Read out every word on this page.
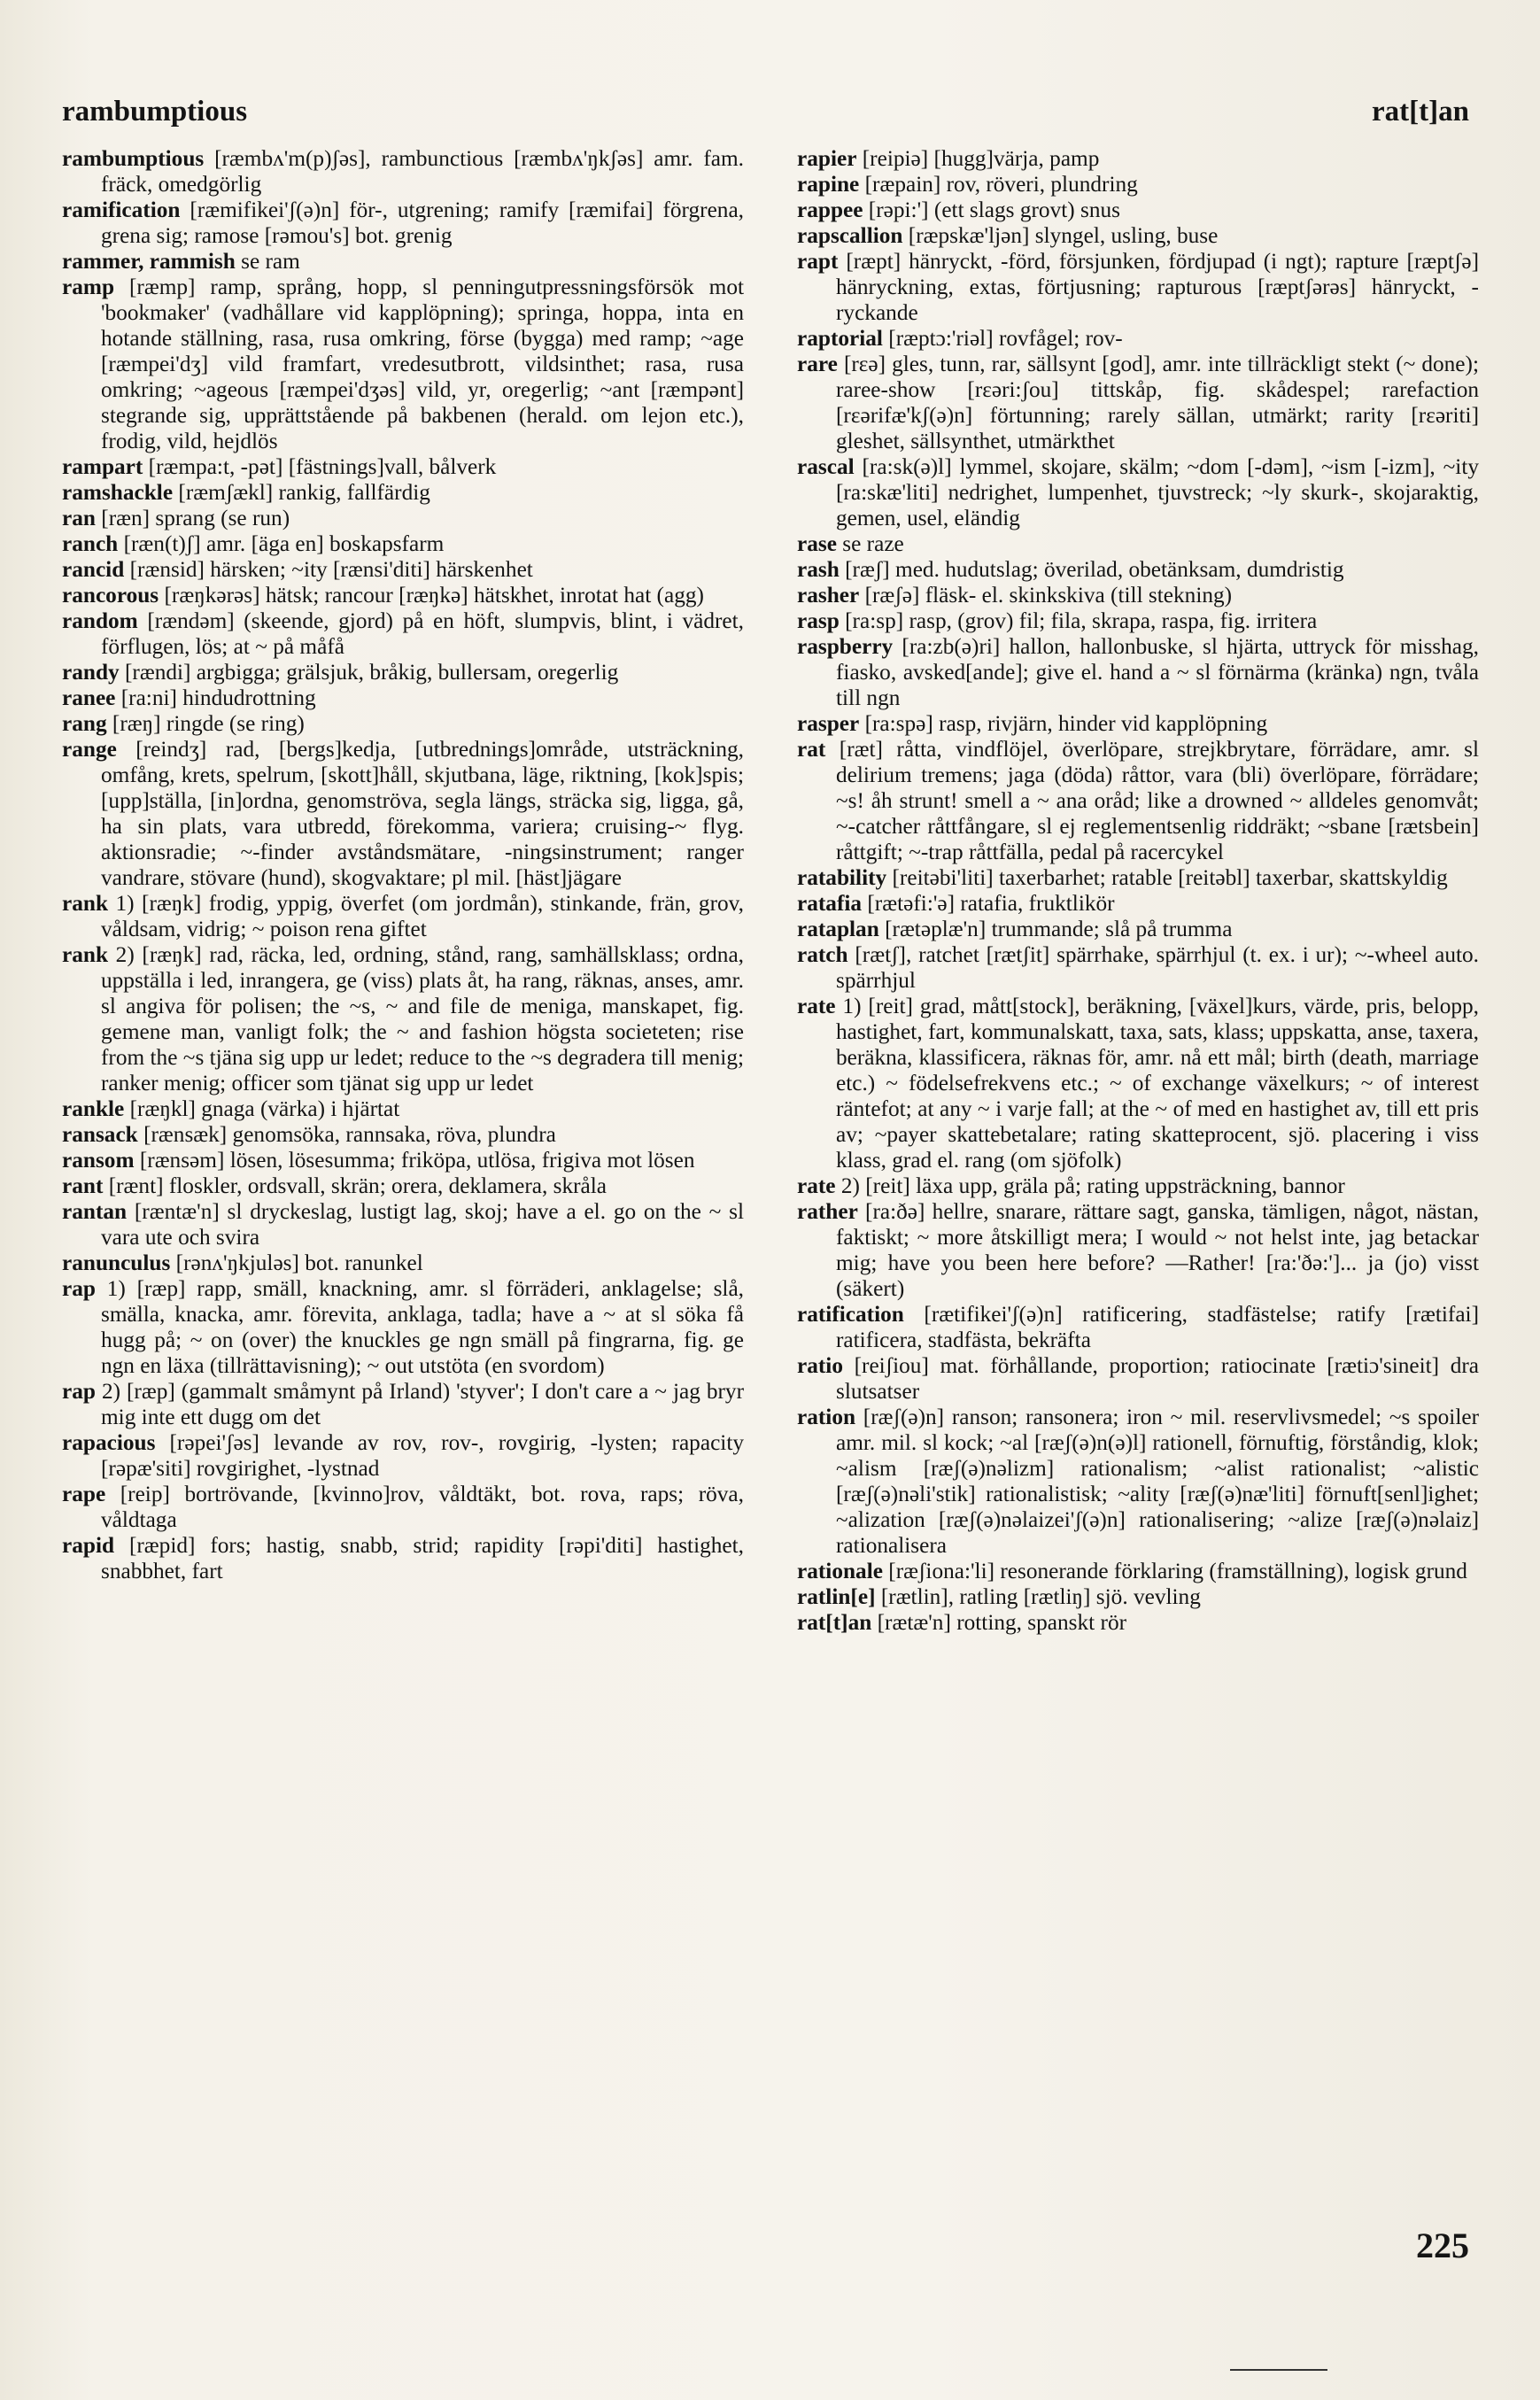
rambumptious	rat[t]an

rambumptious [ræmbʌ'm(p)ʃəs], rambunctious [ræmbʌ'ŋkʃəs] amr. fam. fräck, omedgörlig

ramification [ræmifikei'ʃ(ə)n] för-, utgrening; ramify [ræmifai] förgrena, grena sig; ramose [rəmou's] bot. grenig

rammer, rammish se ram

ramp [ræmp] ramp, språng, hopp, sl penningutpressningsförsök mot 'bookmaker' (vadhållare vid kapplöpning); springa, hoppa, inta en hotande ställning, rasa, rusa omkring, förse (bygga) med ramp; ~age [ræmpei'dʒ] vild framfart, vredesutbrott, vildsinthet; rasa, rusa omkring; ~ageous [ræmpei'dʒəs] vild, yr, oregerlig; ~ant [ræmpənt] stegrande sig, upprättstående på bakbenen (herald. om lejon etc.), frodig, vild, hejdlös

rampart [ræmpa:t, -pət] [fästnings]vall, bålverk

ramshackle [ræmʃækl] rankig, fallfärdig

ran [ræn] sprang (se run)

ranch [ræn(t)ʃ] amr. [äga en] boskapsfarm

rancid [rænsid] härsken; ~ity [rænsi'diti] härskenhet

rancorous [ræŋkərəs] hätsk; rancour [ræŋkə] hätskhet, inrotat hat (agg)

random [rændəm] (skeende, gjord) på en höft, slumpvis, blint, i vädret, förflugen, lös; at ~ på måfå

randy [rændi] argbigga; grälsjuk, bråkig, bullersam, oregerlig

ranee [ra:ni] hindudrottning

rang [ræŋ] ringde (se ring)

range [reindʒ] rad, [bergs]kedja, [utbrednings]område, utsträckning, omfång, krets, spelrum, [skott]håll, skjutbana, läge, riktning, [kok]spis; [upp]ställa, [in]ordna, genomströva, segla längs, sträcka sig, ligga, gå, ha sin plats, vara utbredd, förekomma, variera; cruising-~ flyg. aktionsradie; ~-finder avståndsmätare, -ningsinstrument; ranger vandrare, stövare (hund), skogvaktare; pl mil. [häst]jägare

rank 1) [ræŋk] frodig, yppig, överfet (om jordmån), stinkande, frän, grov, våldsam, vidrig; ~ poison rena giftet

rank 2) [ræŋk] rad, räcka, led, ordning, stånd, rang, samhällsklass; ordna, uppställa i led, inrangera, ge (viss) plats åt, ha rang, räknas, anses, amr. sl angiva för polisen; the ~s, ~ and file de meniga, manskapet, fig. gemene man, vanligt folk; the ~ and fashion högsta societeten; rise from the ~s tjäna sig upp ur ledet; reduce to the ~s degradera till menig; ranker menig; officer som tjänat sig upp ur ledet

rankle [ræŋkl] gnaga (värka) i hjärtat

ransack [rænsæk] genomsöka, rannsaka, röva, plundra

ransom [rænsəm] lösen, lösesumma; friköpa, utlösa, frigiva mot lösen

rant [rænt] floskler, ordsvall, skrän; orera, deklamera, skråla

rantan [ræntæ'n] sl dryckeslag, lustigt lag, skoj; have a el. go on the ~ sl vara ute och svira

ranunculus [rənʌ'ŋkjuləs] bot. ranunkel

rap 1) [ræp] rapp, smäll, knackning, amr. sl förräderi, anklagelse; slå, smälla, knacka, amr. förevita, anklaga, tadla; have a ~ at sl söka få hugg på; ~ on (over) the knuckles ge ngn smäll på fingrarna, fig. ge ngn en läxa (tillrättavisning); ~ out utstöta (en svordom)

rap 2) [ræp] (gammalt småmynt på Irland) 'styver'; I don't care a ~ jag bryr mig inte ett dugg om det

rapacious [rəpei'ʃəs] levande av rov, rov-, rovgirig, -lysten; rapacity [rəpæ'siti] rovgirighet, -lystnad

rape [reip] bortrövande, [kvinno]rov, våldtäkt, bot. rova, raps; röva, våldtaga

rapid [ræpid] fors; hastig, snabb, strid; rapidity [rəpi'diti] hastighet, snabbhet, fart

rapier [reipiə] [hugg]värja, pamp

rapine [ræpain] rov, röveri, plundring

rappee [rəpi:'] (ett slags grovt) snus

rapscallion [ræpskæ'ljən] slyngel, usling, buse

rapt [ræpt] hänryckt, -förd, försjunken, fördjupad (i ngt); rapture [ræptʃə] hänryckning, extas, förtjusning; rapturous [ræptʃərəs] hänryckt, -ryckande

raptorial [ræptɔ:'riəl] rovfågel; rov-

rare [rɛə] gles, tunn, rar, sällsynt [god], amr. inte tillräckligt stekt (~ done); raree-show [rɛəri:ʃou] tittskåp, fig. skådespel; rarefaction [rɛərifæ'kʃ(ə)n] förtunning; rarely sällan, utmärkt; rarity [rɛəriti] gleshet, sällsynthet, utmärkthet

rascal [ra:sk(ə)l] lymmel, skojare, skälm; ~dom [-dəm], ~ism [-izm], ~ity [ra:skæ'liti] nedrighet, lumpenhet, tjuvstreck; ~ly skurk-, skojaraktig, gemen, usel, eländig

rase se raze

rash [ræʃ] med. hudutslag; överilad, obetänksam, dumdristig

rasher [ræʃə] fläsk- el. skinkskiva (till stekning)

rasp [ra:sp] rasp, (grov) fil; fila, skrapa, raspa, fig. irritera

raspberry [ra:zb(ə)ri] hallon, hallonbuske, sl hjärta, uttryck för misshag, fiasko, avsked[ande]; give el. hand a ~ sl förnärma (kränka) ngn, tvåla till ngn

rasper [ra:spə] rasp, rivjärn, hinder vid kapplöpning

rat [ræt] råtta, vindflöjel, överlöpare, strejkbrytare, förrädare, amr. sl delirium tremens; jaga (döda) råttor, vara (bli) överlöpare, förrädare; ~s! åh strunt! smell a ~ ana oråd; like a drowned ~ alldeles genomvåt; ~-catcher råttfångare, sl ej reglementsenlig riddräkt; ~sbane [rætsbein] råttgift; ~-trap råttfälla, pedal på racercykel

ratability [reitəbi'liti] taxerbarhet; ratable [reitəbl] taxerbar, skattskyldig

ratafia [rætəfi:'ə] ratafia, fruktlikör

rataplan [rætəplæ'n] trummande; slå på trumma

ratch [rætʃ], ratchet [rætʃit] spärrhake, spärrhjul (t. ex. i ur); ~-wheel auto. spärrhjul

rate 1) [reit] grad, mått[stock], beräkning, [växel]kurs, värde, pris, belopp, hastighet, fart, kommunalskatt, taxa, sats, klass; uppskatta, anse, taxera, beräkna, klassificera, räknas för, amr. nå ett mål; birth (death, marriage etc.) ~ födelsefrekvens etc.; ~ of exchange växelkurs; ~ of interest räntefot; at any ~ i varje fall; at the ~ of med en hastighet av, till ett pris av; ~payer skattebetalare; rating skatteprocent, sjö. placering i viss klass, grad el. rang (om sjöfolk)

rate 2) [reit] läxa upp, gräla på; rating uppsträckning, bannor

rather [ra:ðə] hellre, snarare, rättare sagt, ganska, tämligen, något, nästan, faktiskt; ~ more åtskilligt mera; I would ~ not helst inte, jag betackar mig; have you been here before? —Rather! [ra:'ðə:']... ja (jo) visst (säkert)

ratification [rætifikei'ʃ(ə)n] ratificering, stadfästelse; ratify [rætifai] ratificera, stadfästa, bekräfta

ratio [reiʃiou] mat. förhållande, proportion; ratiocinate [rætiɔ'sineit] dra slutsatser

ration [ræʃ(ə)n] ranson; ransonera; iron ~ mil. reservlivsmedel; ~s spoiler amr. mil. sl kock; ~al [ræʃ(ə)n(ə)l] rationell, förnuftig, förståndig, klok; ~alism [ræʃ(ə)nəlizm] rationalism; ~alist rationalist; ~alistic [ræʃ(ə)nəli'stik] rationalistisk; ~ality [ræʃ(ə)næ'liti] förnuft[senl]ighet; ~alization [ræʃ(ə)nəlaizei'ʃ(ə)n] rationalisering; ~alize [ræʃ(ə)nəlaiz] rationalisera

rationale [ræʃiona:'li] resonerande förklaring (framställning), logisk grund

ratlin[e] [rætlin], ratling [rætliŋ] sjö. vevling

rat[t]an [rætæ'n] rotting, spanskt rör

225
